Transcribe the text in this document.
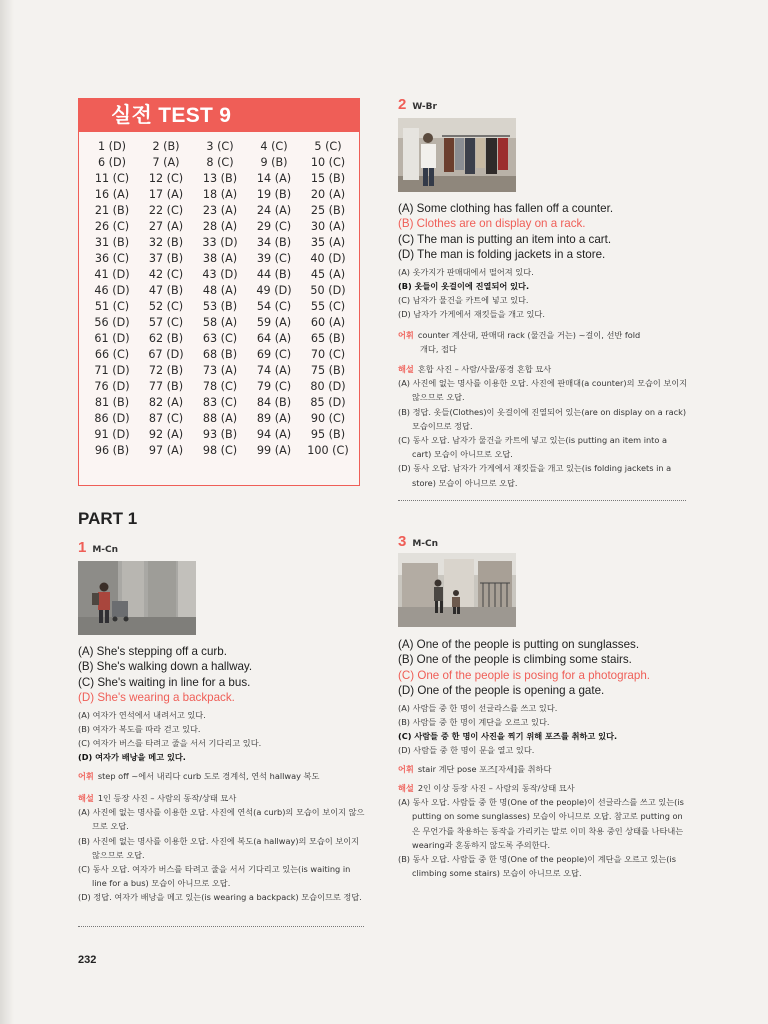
실전 TEST 9
1 (D)	2 (B)	3 (C)	4 (C)	5 (C)
6 (D)	7 (A)	8 (C)	9 (B)	10 (C)
11 (C)	12 (C)	13 (B)	14 (A)	15 (B)
16 (A)	17 (A)	18 (A)	19 (B)	20 (A)
21 (B)	22 (C)	23 (A)	24 (A)	25 (B)
26 (C)	27 (A)	28 (A)	29 (C)	30 (A)
31 (B)	32 (B)	33 (D)	34 (B)	35 (A)
36 (C)	37 (B)	38 (A)	39 (C)	40 (D)
41 (D)	42 (C)	43 (D)	44 (B)	45 (A)
46 (D)	47 (B)	48 (A)	49 (D)	50 (D)
51 (C)	52 (C)	53 (B)	54 (C)	55 (C)
56 (D)	57 (C)	58 (A)	59 (A)	60 (A)
61 (D)	62 (B)	63 (C)	64 (A)	65 (B)
66 (C)	67 (D)	68 (B)	69 (C)	70 (C)
71 (D)	72 (B)	73 (A)	74 (A)	75 (B)
76 (D)	77 (B)	78 (C)	79 (C)	80 (D)
81 (B)	82 (A)	83 (C)	84 (B)	85 (D)
86 (D)	87 (C)	88 (A)	89 (A)	90 (C)
91 (D)	92 (A)	93 (B)	94 (A)	95 (B)
96 (B)	97 (A)	98 (C)	99 (A)	100 (C)
2 W-Br
(A) Some clothing has fallen off a counter.
(B) Clothes are on display on a rack.
(C) The man is putting an item into a cart.
(D) The man is folding jackets in a store.
(A) 옷가지가 판매대에서 떨어져 있다.
(B) 옷들이 옷걸이에 진열되어 있다.
(C) 남자가 물건을 카트에 넣고 있다.
(D) 남자가 가게에서 재킷들을 개고 있다.
어휘 counter 계산대, 판매대 rack (물건을 거는) ~걸이, 선반 fold
개다, 접다
해설 혼합 사진 – 사람/사물/풍경 혼합 묘사
(A) 사진에 없는 명사를 이용한 오답. 사진에 판매대(a counter)의 모습이 보이지 않으므로 오답.
(B) 정답. 옷들(Clothes)이 옷걸이에 진열되어 있는(are on display on a rack) 모습이므로 정답.
(C) 동사 오답. 남자가 물건을 카트에 넣고 있는(is putting an item into a cart) 모습이 아니므로 오답.
(D) 동사 오답. 남자가 가게에서 재킷들을 개고 있는(is folding jackets in a store) 모습이 아니므로 오답.
PART 1
1 M-Cn
(A) She's stepping off a curb.
(B) She's walking down a hallway.
(C) She's waiting in line for a bus.
(D) She's wearing a backpack.
(A) 여자가 연석에서 내려서고 있다.
(B) 여자가 복도를 따라 걷고 있다.
(C) 여자가 버스를 타려고 줄을 서서 기다리고 있다.
(D) 여자가 배낭을 메고 있다.
어휘 step off ~에서 내리다 curb 도로 경계석, 연석 hallway 복도
해설 1인 등장 사진 – 사람의 동작/상태 묘사
(A) 사진에 없는 명사를 이용한 오답. 사진에 연석(a curb)의 모습이 보이지 않으므로 오답.
(B) 사진에 없는 명사를 이용한 오답. 사진에 복도(a hallway)의 모습이 보이지 않으므로 오답.
(C) 동사 오답. 여자가 버스를 타려고 줄을 서서 기다리고 있는(is waiting in line for a bus) 모습이 아니므로 오답.
(D) 정답. 여자가 배낭을 메고 있는(is wearing a backpack) 모습이므로 정답.
3 M-Cn
(A) One of the people is putting on sunglasses.
(B) One of the people is climbing some stairs.
(C) One of the people is posing for a photograph.
(D) One of the people is opening a gate.
(A) 사람들 중 한 명이 선글라스를 쓰고 있다.
(B) 사람들 중 한 명이 계단을 오르고 있다.
(C) 사람들 중 한 명이 사진을 찍기 위해 포즈를 취하고 있다.
(D) 사람들 중 한 명이 문을 열고 있다.
어휘 stair 계단 pose 포즈[자세]를 취하다
해설 2인 이상 등장 사진 – 사람의 동작/상태 묘사
(A) 동사 오답. 사람들 중 한 명(One of the people)이 선글라스를 쓰고 있는(is putting on some sunglasses) 모습이 아니므로 오답. 참고로 putting on은 무언가를 착용하는 동작을 가리키는 말로 이미 착용 중인 상태를 나타내는 wearing과 혼동하지 않도록 주의한다.
(B) 동사 오답. 사람들 중 한 명(One of the people)이 계단을 오르고 있는(is climbing some stairs) 모습이 아니므로 오답.
232
